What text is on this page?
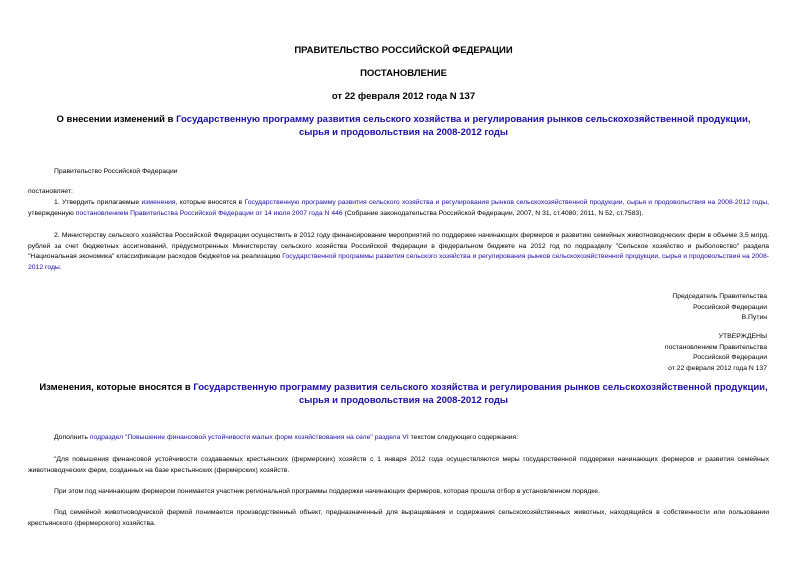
ПРАВИТЕЛЬСТВО РОССИЙСКОЙ ФЕДЕРАЦИИ
ПОСТАНОВЛЕНИЕ
от 22 февраля 2012 года N 137
О внесении изменений в Государственную программу развития сельского хозяйства и регулирования рынков сельскохозяйственной продукции, сырья и продовольствия на 2008-2012 годы
Правительство Российской Федерации
постановляет:
1. Утвердить прилагаемые изменения, которые вносятся в Государственную программу развития сельского хозяйства и регулирования рынков сельскохозяйственной продукции, сырья и продовольствия на 2008-2012 годы, утвержденную постановлением Правительства Российской Федерации от 14 июля 2007 года N 446 (Собрание законодательства Российской Федерации, 2007, N 31, ст.4080; 2011, N 52, ст.7583).
2. Министерству сельского хозяйства Российской Федерации осуществить в 2012 году финансирование мероприятий по поддержке начинающих фермеров и развитию семейных животноводческих ферм в объеме 3,5 млрд. рублей за счет бюджетных ассигнований, предусмотренных Министерству сельского хозяйства Российской Федерации в федеральном бюджете на 2012 год по подразделу "Сельское хозяйство и рыболовство" раздела "Национальная экономика" классификации расходов бюджетов на реализацию Государственной программы развития сельского хозяйства и регулирования рынков сельскохозяйственной продукции, сырья и продовольствия на 2008-2012 годы.
Председатель Правительства
Российской Федерации
В.Путин
УТВЕРЖДЕНЫ
постановлением Правительства
Российской Федерации
от 22 февраля 2012 года N 137
Изменения, которые вносятся в Государственную программу развития сельского хозяйства и регулирования рынков сельскохозяйственной продукции, сырья и продовольствия на 2008-2012 годы
Дополнить подраздел "Повышение финансовой устойчивости малых форм хозяйствования на селе" раздела VI текстом следующего содержания:
"Для повышения финансовой устойчивости создаваемых крестьянских (фермерских) хозяйств с 1 января 2012 года осуществляются меры государственной поддержки начинающих фермеров и развития семейных животноводческих ферм, созданных на базе крестьянских (фермерских) хозяйств.
При этом под начинающим фермером понимается участник региональной программы поддержки начинающих фермеров, которая прошла отбор в установленном порядке.
Под семейной животноводческой фермой понимается производственный объект, предназначенный для выращивания и содержания сельскохозяйственных животных, находящийся в собственности или пользовании крестьянского (фермерского) хозяйства.
